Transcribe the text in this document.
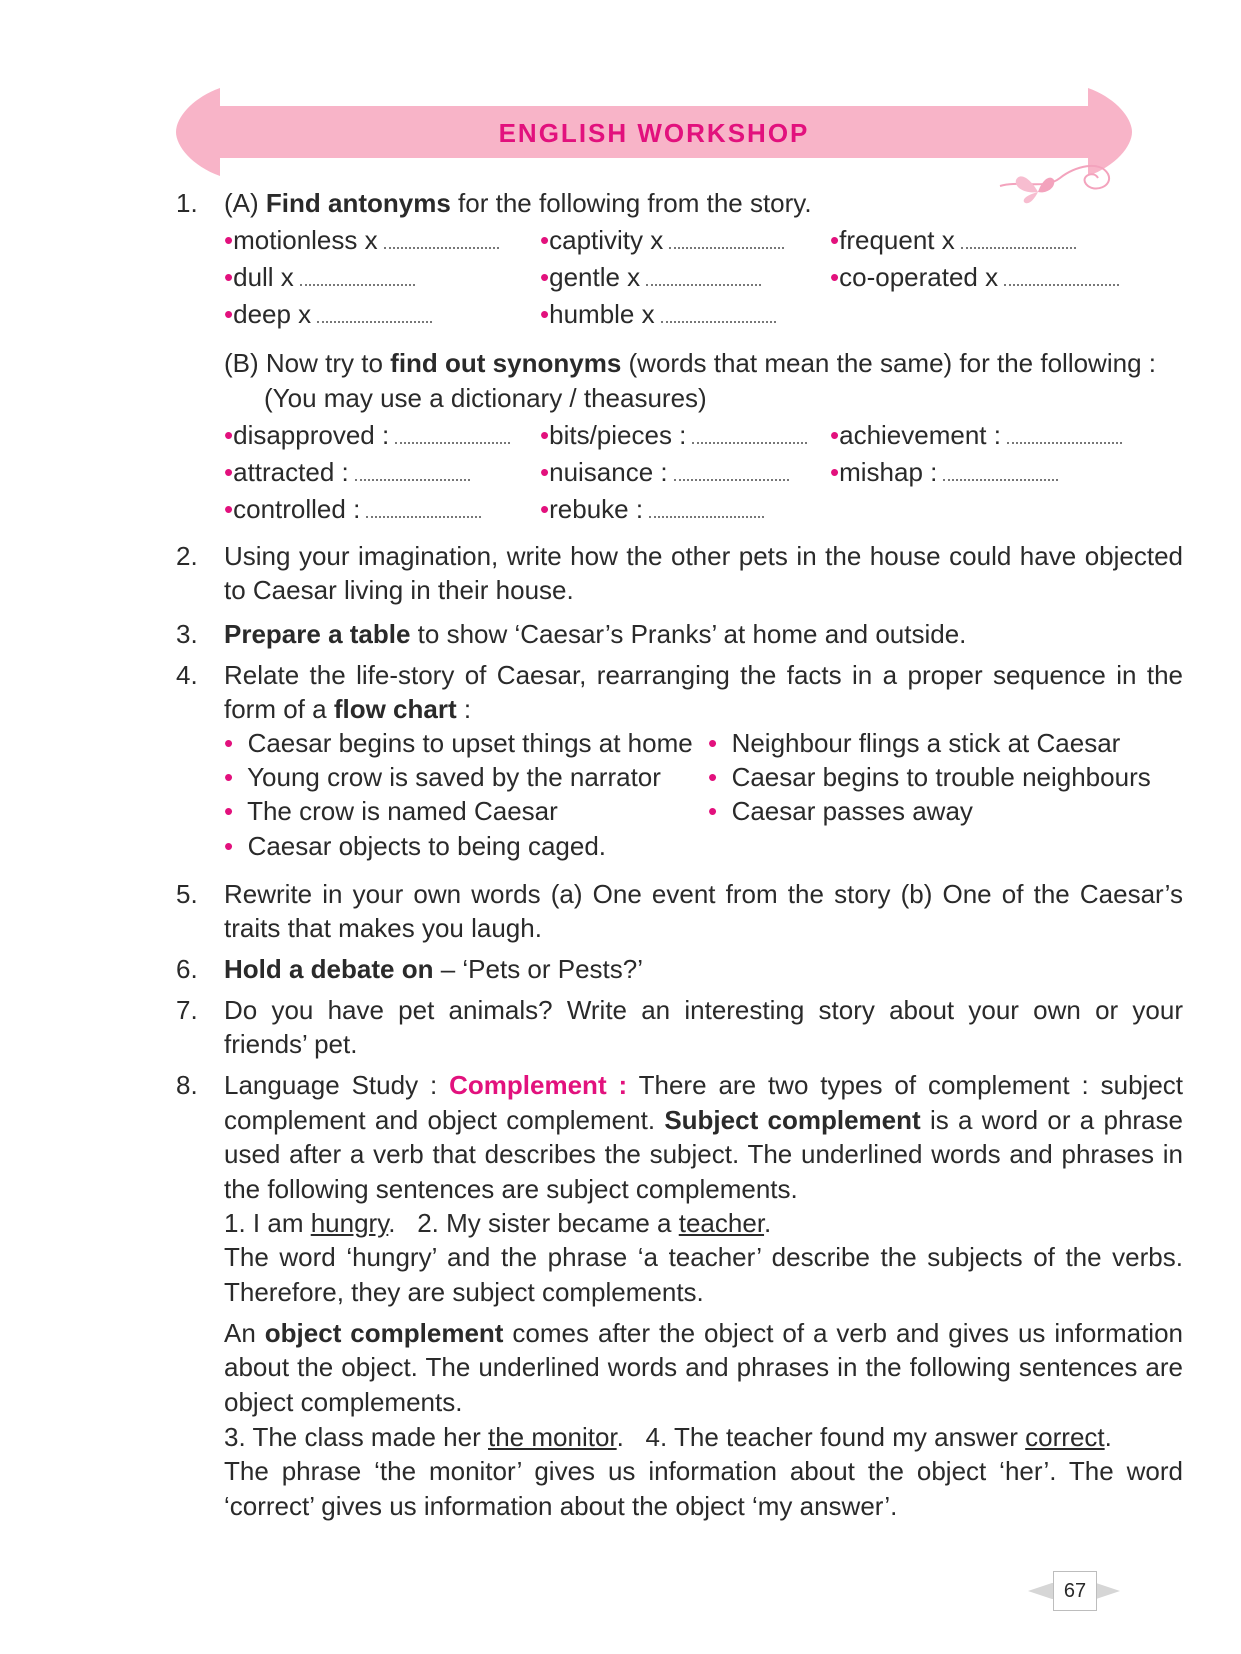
ENGLISH WORKSHOP
1. (A) Find antonyms for the following from the story.
•motionless x	•captivity x	•frequent x
•dull x	•gentle x	•co-operated x
•deep x	•humble x
(B) Now try to find out synonyms (words that mean the same) for the following :
(You may use a dictionary / theasures)
•disapproved :	•bits/pieces :	•achievement :
•attracted :	•nuisance :	•mishap :
•controlled :	•rebuke :
2. Using your imagination, write how the other pets in the house could have objected
to Caesar living in their house.
3. Prepare a table to show ‘Caesar’s Pranks’ at home and outside.
4. Relate the life-story of Caesar, rearranging the facts in a proper sequence in the
form of a flow chart :
• Caesar begins to upset things at home
• Young crow is saved by the narrator
• The crow is named Caesar
• Caesar objects to being caged.
• Neighbour flings a stick at Caesar
• Caesar begins to trouble neighbours
• Caesar passes away
5. Rewrite in your own words (a) One event from the story (b) One of the Caesar’s
traits that makes you laugh.
6. Hold a debate on – ‘Pets or Pests?’
7. Do you have pet animals? Write an interesting story about your own or your
friends’ pet.
8. Language Study : Complement : There are two types of complement : subject
complement and object complement. Subject complement is a word or a phrase
used after a verb that describes the subject. The underlined words and phrases in
the following sentences are subject complements.
1. I am hungry.   2. My sister became a teacher.
The word ‘hungry’ and the phrase ‘a teacher’ describe the subjects of the verbs.
Therefore, they are subject complements.
An object complement comes after the object of a verb and gives us information
about the object. The underlined words and phrases in the following sentences are
object complements.
3. The class made her the monitor.   4. The teacher found my answer correct.
The phrase ‘the monitor’ gives us information about the object ‘her’. The word
‘correct’ gives us information about the object ‘my answer’.
67
